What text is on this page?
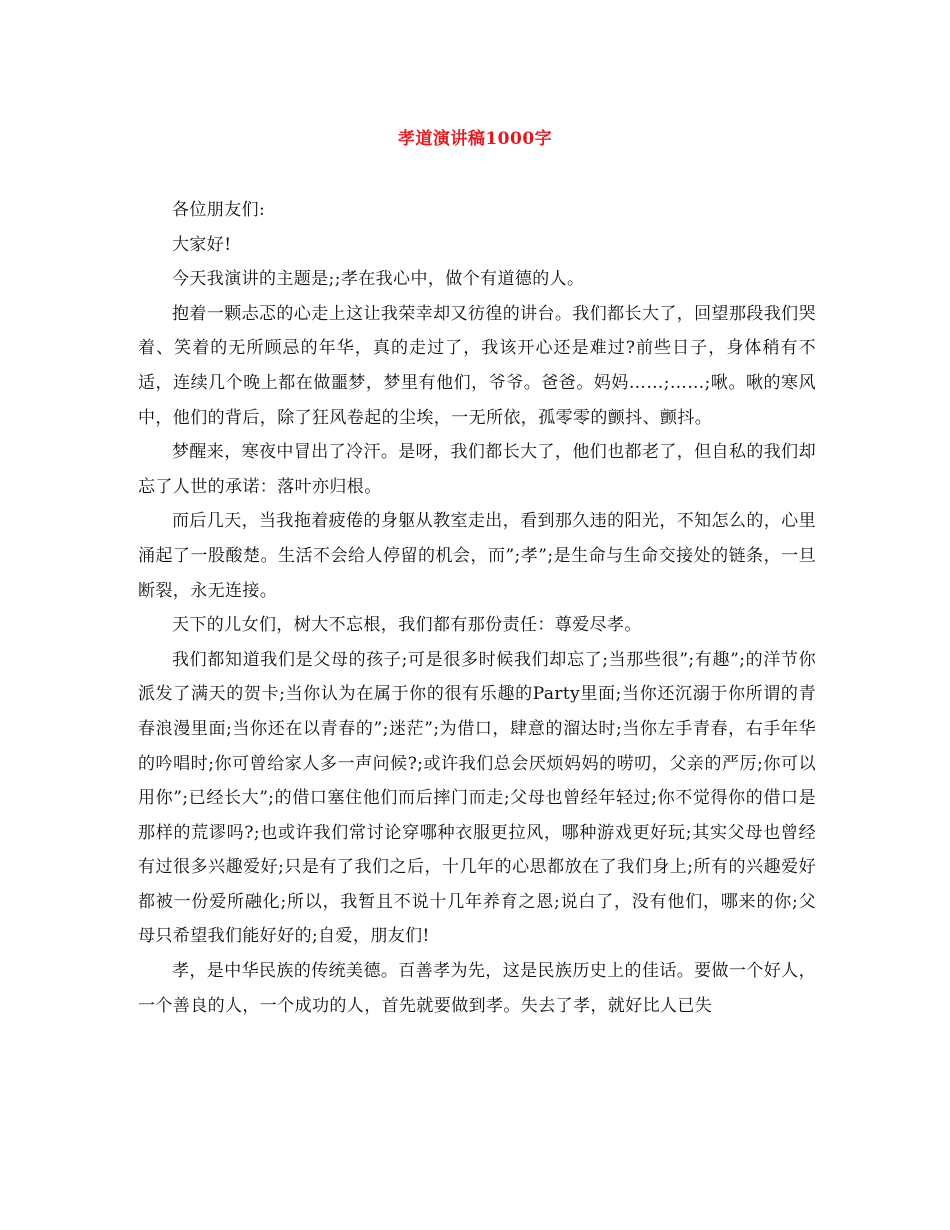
孝道演讲稿1000字

各位朋友们:

大家好!

今天我演讲的主题是;;孝在我心中，做个有道德的人。

抱着一颗忐忑的心走上这让我荣幸却又彷徨的讲台。我们都长大了，回望那段我们哭着、笑着的无所顾忌的年华，真的走过了，我该开心还是难过?前些日子，身体稍有不适，连续几个晚上都在做噩梦，梦里有他们，爷爷。爸爸。妈妈……;……;啾。啾的寒风中，他们的背后，除了狂风卷起的尘埃，一无所依，孤零零的颤抖、颤抖。

梦醒来，寒夜中冒出了冷汗。是呀，我们都长大了，他们也都老了，但自私的我们却忘了人世的承诺：落叶亦归根。

而后几天，当我拖着疲倦的身躯从教室走出，看到那久违的阳光，不知怎么的，心里涌起了一股酸楚。生活不会给人停留的机会，而”;孝”;是生命与生命交接处的链条，一旦断裂，永无连接。

天下的儿女们，树大不忘根，我们都有那份责任：尊爱尽孝。

我们都知道我们是父母的孩子;可是很多时候我们却忘了;当那些很”;有趣”;的洋节你派发了满天的贺卡;当你认为在属于你的很有乐趣的Party里面;当你还沉溺于你所谓的青春浪漫里面;当你还在以青春的”;迷茫”;为借口，肆意的溜达时;当你左手青春，右手年华的吟唱时;你可曾给家人多一声问候?;或许我们总会厌烦妈妈的唠叨，父亲的严厉;你可以用你”;已经长大”;的借口塞住他们而后摔门而走;父母也曾经年轻过;你不觉得你的借口是那样的荒谬吗?;也或许我们常讨论穿哪种衣服更拉风，哪种游戏更好玩;其实父母也曾经有过很多兴趣爱好;只是有了我们之后，十几年的心思都放在了我们身上;所有的兴趣爱好都被一份爱所融化;所以，我暂且不说十几年养育之恩;说白了，没有他们，哪来的你;父母只希望我们能好好的;自爱，朋友们!

孝，是中华民族的传统美德。百善孝为先，这是民族历史上的佳话。要做一个好人，一个善良的人，一个成功的人，首先就要做到孝。失去了孝，就好比人已失
